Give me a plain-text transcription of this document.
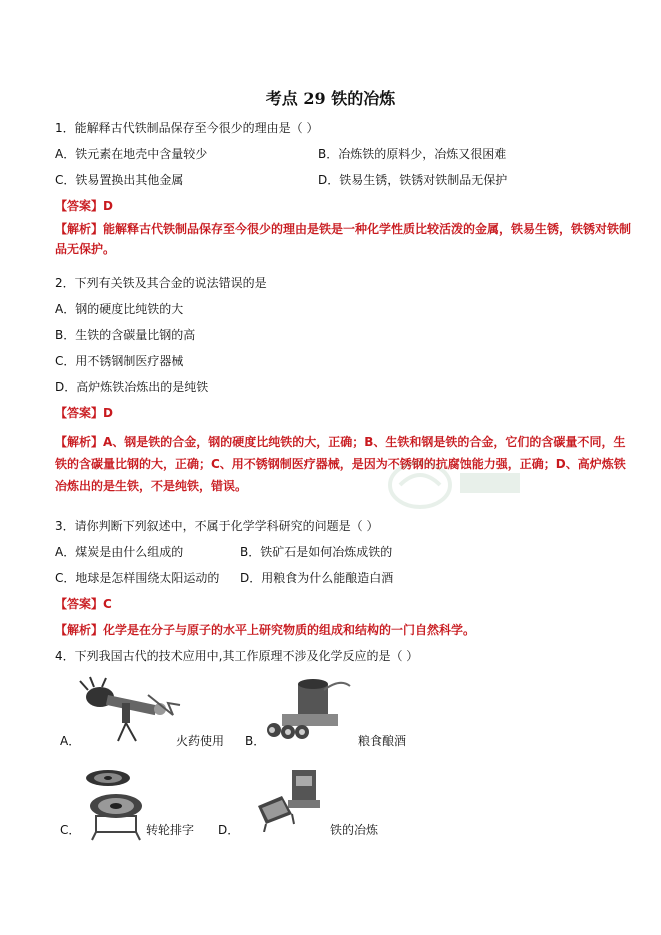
考点 29 铁的冶炼
1．能解释古代铁制品保存至今很少的理由是（ ）
A．铁元素在地壳中含量较少	B．冶炼铁的原料少，冶炼又很困难
C．铁易置换出其他金属	D．铁易生锈，铁锈对铁制品无保护
【答案】D
【解析】能解释古代铁制品保存至今很少的理由是铁是一种化学性质比较活泼的金属，铁易生锈，铁锈对铁制品无保护。
2．下列有关铁及其合金的说法错误的是
A．钢的硬度比纯铁的大
B．生铁的含碳量比钢的高
C．用不锈钢制医疗器械
D．高炉炼铁冶炼出的是纯铁
【答案】D
【解析】A、钢是铁的合金，钢的硬度比纯铁的大，正确；B、生铁和钢是铁的合金，它们的含碳量不同，生铁的含碳量比钢的大，正确；C、用不锈钢制医疗器械，是因为不锈钢的抗腐蚀能力强，正确；D、高炉炼铁冶炼出的是生铁，不是纯铁，错误。
3．请你判断下列叙述中，不属于化学学科研究的问题是（ ）
A．煤炭是由什么组成的	B．铁矿石是如何冶炼成铁的
C．地球是怎样围绕太阳运动的 D．用粮食为什么能酿造白酒
【答案】C
【解析】化学是在分子与原子的水平上研究物质的组成和结构的一门自然科学。
4．下列我国古代的技术应用中,其工作原理不涉及化学反应的是（ ）
A．	火药使用 B．	粮食酿酒
C．	转轮排字 D．	铁的冶炼
